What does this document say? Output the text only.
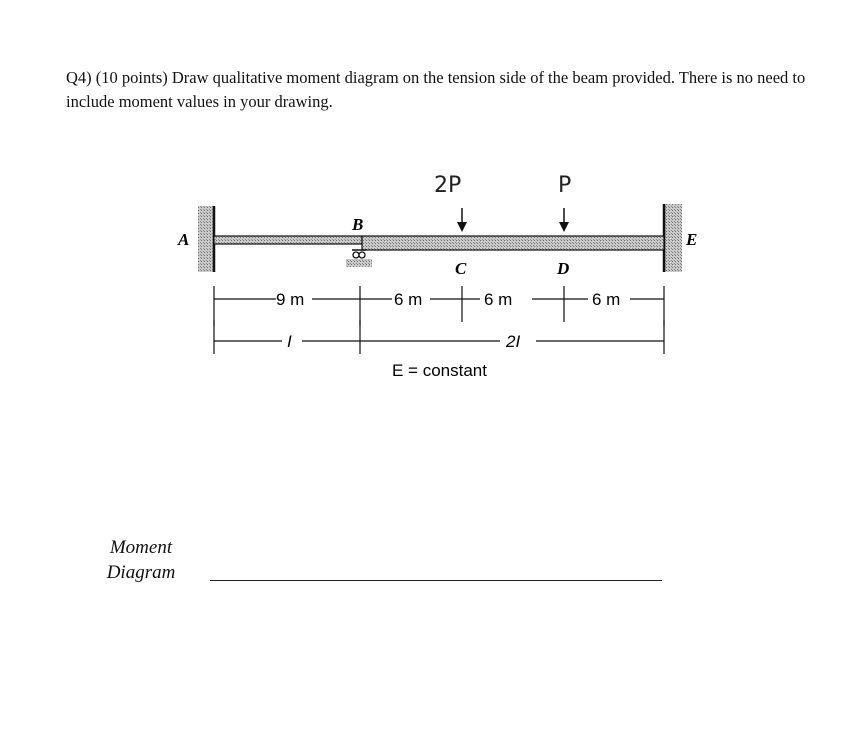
Q4) (10 points) Draw qualitative moment diagram on the tension side of the beam provided. There is no need to include moment values in your drawing.

A	E
B
C	D
2P	P
9 m	6 m	6 m	6 m
I	2I
E = constant
Moment
Diagram
